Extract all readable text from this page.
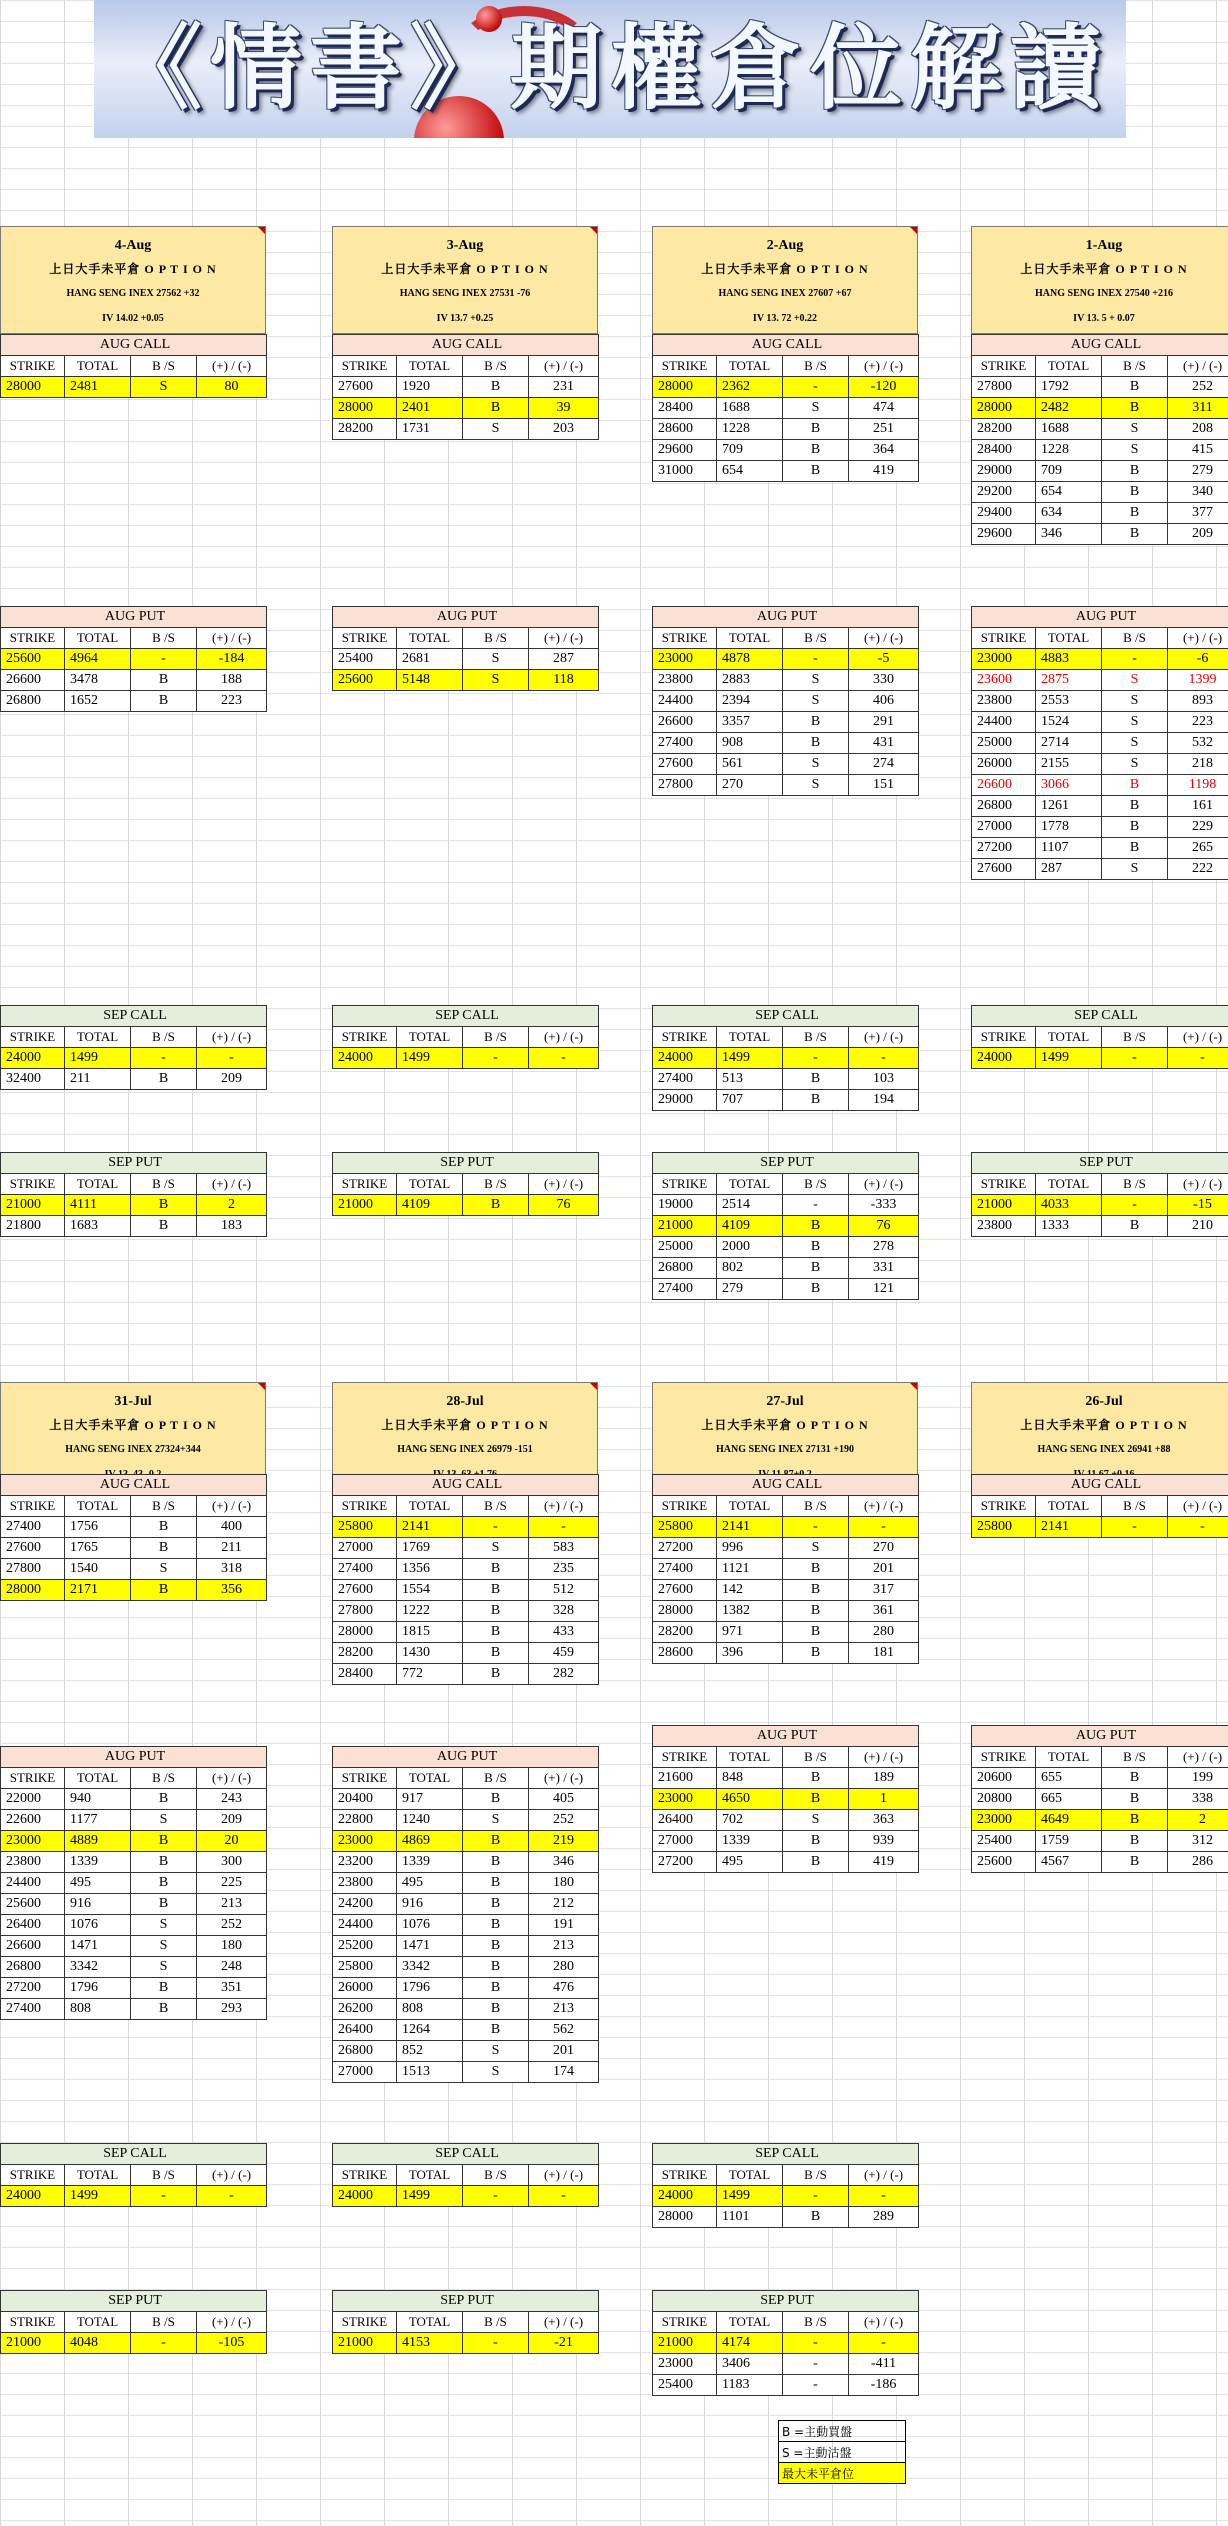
《情書》期權倉位解讀
4-Aug
上日大手未平倉 O P T I O N
HANG SENG INEX 27562 +32
IV 14.02 +0.05
AUG CALL			
STRIKE	TOTAL	B /S	(+) / (-)
28000	2481	S	80
AUG PUT			
STRIKE	TOTAL	B /S	(+) / (-)
25600	4964	-	-184
26600	3478	B	188
26800	1652	B	223
SEP CALL			
STRIKE	TOTAL	B /S	(+) / (-)
24000	1499	-	-
32400	211	B	209
SEP PUT			
STRIKE	TOTAL	B /S	(+) / (-)
21000	4111	B	2
21800	1683	B	183
3-Aug
上日大手未平倉 O P T I O N
HANG SENG INEX 27531 -76
IV 13.7 +0.25
AUG CALL			
STRIKE	TOTAL	B /S	(+) / (-)
27600	1920	B	231
28000	2401	B	39
28200	1731	S	203
AUG PUT			
STRIKE	TOTAL	B /S	(+) / (-)
25400	2681	S	287
25600	5148	S	118
SEP CALL			
STRIKE	TOTAL	B /S	(+) / (-)
24000	1499	-	-
SEP PUT			
STRIKE	TOTAL	B /S	(+) / (-)
21000	4109	B	76
2-Aug
上日大手未平倉 O P T I O N
HANG SENG INEX 27607 +67
IV 13. 72 +0.22
AUG CALL			
STRIKE	TOTAL	B /S	(+) / (-)
28000	2362	-	-120
28400	1688	S	474
28600	1228	B	251
29600	709	B	364
31000	654	B	419
AUG PUT			
STRIKE	TOTAL	B /S	(+) / (-)
23000	4878	-	-5
23800	2883	S	330
24400	2394	S	406
26600	3357	B	291
27400	908	B	431
27600	561	S	274
27800	270	S	151
SEP CALL			
STRIKE	TOTAL	B /S	(+) / (-)
24000	1499	-	-
27400	513	B	103
29000	707	B	194
SEP PUT			
STRIKE	TOTAL	B /S	(+) / (-)
19000	2514	-	-333
21000	4109	B	76
25000	2000	B	278
26800	802	B	331
27400	279	B	121
1-Aug
上日大手未平倉 O P T I O N
HANG SENG INEX 27540 +216
IV 13. 5 + 0.07
AUG CALL			
STRIKE	TOTAL	B /S	(+) / (-)
27800	1792	B	252
28000	2482	B	311
28200	1688	S	208
28400	1228	S	415
29000	709	B	279
29200	654	B	340
29400	634	B	377
29600	346	B	209
AUG PUT			
STRIKE	TOTAL	B /S	(+) / (-)
23000	4883	-	-6
23600	2875	S	1399
23800	2553	S	893
24400	1524	S	223
25000	2714	S	532
26000	2155	S	218
26600	3066	B	1198
26800	1261	B	161
27000	1778	B	229
27200	1107	B	265
27600	287	S	222
SEP CALL			
STRIKE	TOTAL	B /S	(+) / (-)
24000	1499	-	-
SEP PUT			
STRIKE	TOTAL	B /S	(+) / (-)
21000	4033	-	-15
23800	1333	B	210
31-Jul
上日大手未平倉 O P T I O N
HANG SENG INEX 27324+344
AUG CALL			
STRIKE	TOTAL	B /S	(+) / (-)
27400	1756	B	400
27600	1765	B	211
27800	1540	S	318
28000	2171	B	356
AUG PUT			
STRIKE	TOTAL	B /S	(+) / (-)
22000	940	B	243
22600	1177	S	209
23000	4889	B	20
23800	1339	B	300
24400	495	B	225
25600	916	B	213
26400	1076	S	252
26600	1471	S	180
26800	3342	S	248
27200	1796	B	351
27400	808	B	293
SEP CALL			
STRIKE	TOTAL	B /S	(+) / (-)
24000	1499	-	-
SEP PUT			
STRIKE	TOTAL	B /S	(+) / (-)
21000	4048	-	-105
28-Jul
上日大手未平倉 O P T I O N
HANG SENG INEX 26979 -151
AUG CALL			
STRIKE	TOTAL	B /S	(+) / (-)
25800	2141	-	-
27000	1769	S	583
27400	1356	B	235
27600	1554	B	512
27800	1222	B	328
28000	1815	B	433
28200	1430	B	459
28400	772	B	282
AUG PUT			
STRIKE	TOTAL	B /S	(+) / (-)
20400	917	B	405
22800	1240	S	252
23000	4869	B	219
23200	1339	B	346
23800	495	B	180
24200	916	B	212
24400	1076	B	191
25200	1471	B	213
25800	3342	B	280
26000	1796	B	476
26200	808	B	213
26400	1264	B	562
26800	852	S	201
27000	1513	S	174
SEP CALL			
STRIKE	TOTAL	B /S	(+) / (-)
24000	1499	-	-
SEP PUT			
STRIKE	TOTAL	B /S	(+) / (-)
21000	4153	-	-21
27-Jul
上日大手未平倉 O P T I O N
HANG SENG INEX 27131 +190
AUG CALL			
STRIKE	TOTAL	B /S	(+) / (-)
25800	2141	-	-
27200	996	S	270
27400	1121	B	201
27600	142	B	317
28000	1382	B	361
28200	971	B	280
28600	396	B	181
AUG PUT			
STRIKE	TOTAL	B /S	(+) / (-)
21600	848	B	189
23000	4650	B	1
26400	702	S	363
27000	1339	B	939
27200	495	B	419
SEP CALL			
STRIKE	TOTAL	B /S	(+) / (-)
24000	1499	-	-
28000	1101	B	289
SEP PUT			
STRIKE	TOTAL	B /S	(+) / (-)
21000	4174	-	-
23000	3406	-	-411
25400	1183	-	-186
26-Jul
上日大手未平倉 O P T I O N
HANG SENG INEX 26941 +88
AUG CALL			
STRIKE	TOTAL	B /S	(+) / (-)
25800	2141	-	-
AUG PUT			
STRIKE	TOTAL	B /S	(+) / (-)
20600	655	B	199
20800	665	B	338
23000	4649	B	2
25400	1759	B	312
25600	4567	B	286
B =主動買盤
S =主動沽盤
最大未平倉位
